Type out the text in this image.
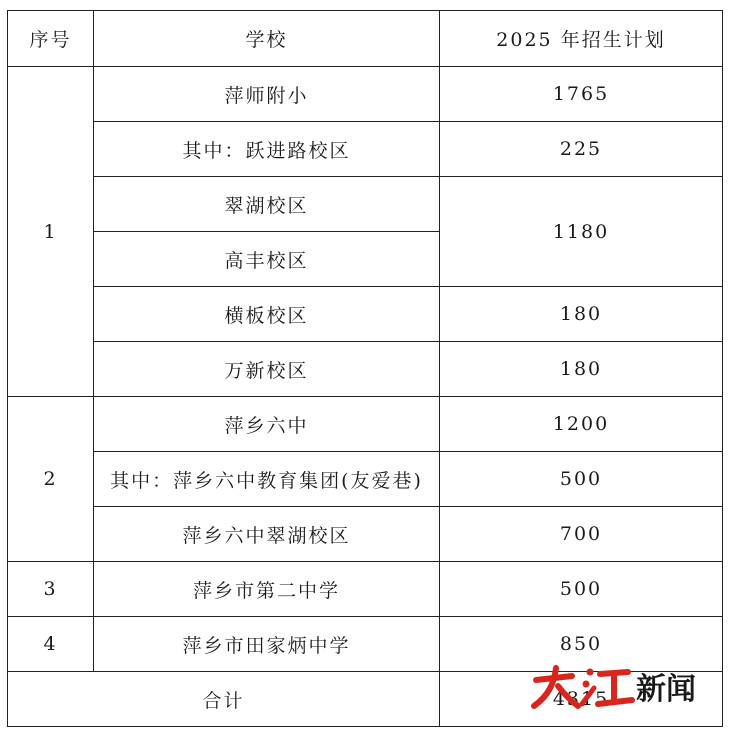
序号	学校	2025 年招生计划
1	萍师附小	1765
	其中：跃进路校区	225
	翠湖校区	1180
	高丰校区	
	横板校区	180
	万新校区	180
2	萍乡六中	1200
	其中：萍乡六中教育集团(友爱巷)	500
	萍乡六中翠湖校区	700
3	萍乡市第二中学	500
4	萍乡市田家炳中学	850
合计		4315 新闻
